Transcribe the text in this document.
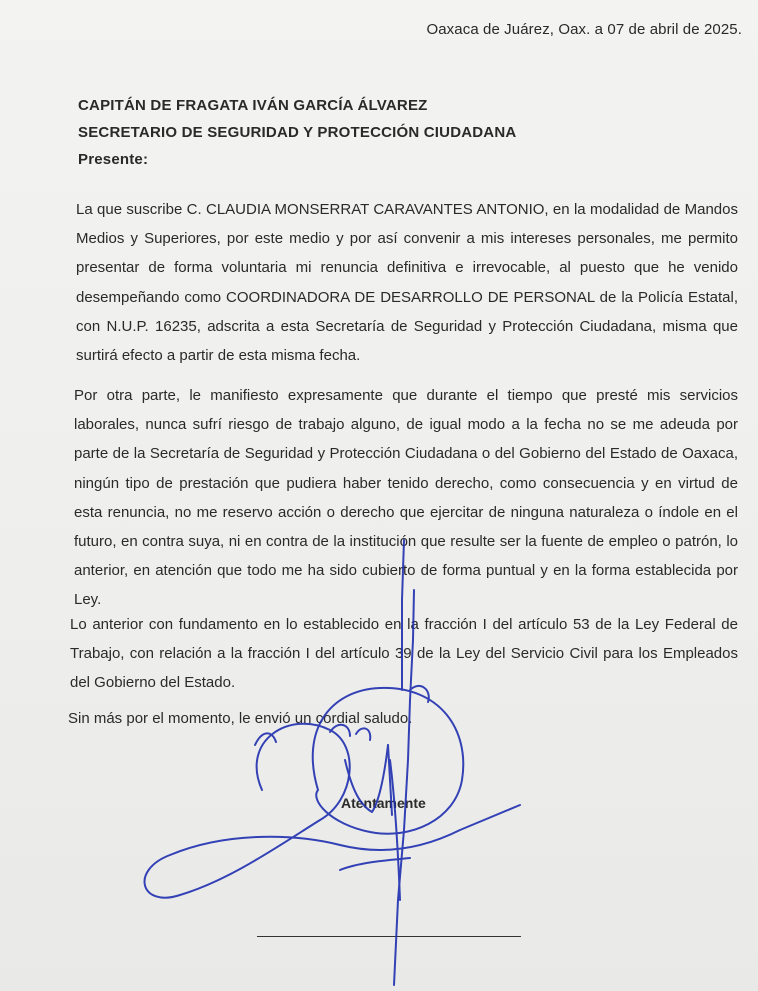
Oaxaca de Juárez, Oax. a 07 de abril de 2025.
CAPITÁN DE FRAGATA IVÁN GARCÍA ÁLVAREZ
SECRETARIO DE SEGURIDAD Y PROTECCIÓN CIUDADANA
Presente:
La que suscribe C. CLAUDIA MONSERRAT CARAVANTES ANTONIO, en la modalidad de Mandos Medios y Superiores, por este medio y por así convenir a mis intereses personales, me permito presentar de forma voluntaria mi renuncia definitiva e irrevocable, al puesto que he venido desempeñando como COORDINADORA DE DESARROLLO DE PERSONAL de la Policía Estatal, con N.U.P. 16235, adscrita a esta Secretaría de Seguridad y Protección Ciudadana, misma que surtirá efecto a partir de esta misma fecha.
Por otra parte, le manifiesto expresamente que durante el tiempo que presté mis servicios laborales, nunca sufrí riesgo de trabajo alguno, de igual modo a la fecha no se me adeuda por parte de la Secretaría de Seguridad y Protección Ciudadana o del Gobierno del Estado de Oaxaca, ningún tipo de prestación que pudiera haber tenido derecho, como consecuencia y en virtud de esta renuncia, no me reservo acción o derecho que ejercitar de ninguna naturaleza o índole en el futuro, en contra suya, ni en contra de la institución que resulte ser la fuente de empleo o patrón, lo anterior, en atención que todo me ha sido cubierto de forma puntual y en la forma establecida por Ley.
Lo anterior con fundamento en lo establecido en la fracción I del artículo 53 de la Ley Federal de Trabajo, con relación a la fracción I del artículo 39 de la Ley del Servicio Civil para los Empleados del Gobierno del Estado.
Sin más por el momento, le envió un cordial saludo.
Atentamente
